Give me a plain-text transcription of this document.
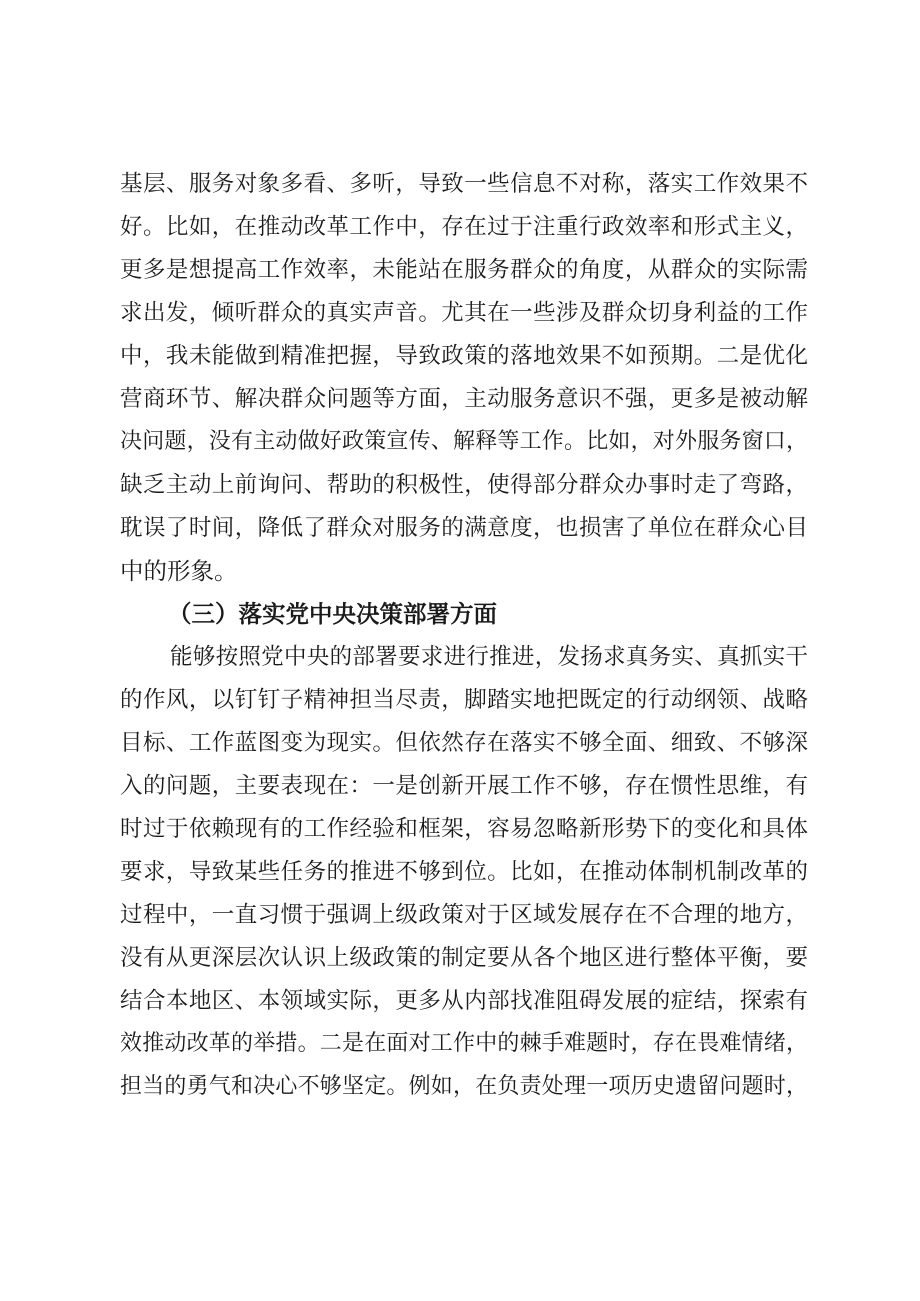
基层、服务对象多看、多听，导致一些信息不对称，落实工作效果不
好。比如，在推动改革工作中，存在过于注重行政效率和形式主义，
更多是想提高工作效率，未能站在服务群众的角度，从群众的实际需
求出发，倾听群众的真实声音。尤其在一些涉及群众切身利益的工作
中，我未能做到精准把握，导致政策的落地效果不如预期。二是优化
营商环节、解决群众问题等方面，主动服务意识不强，更多是被动解
决问题，没有主动做好政策宣传、解释等工作。比如，对外服务窗口，
缺乏主动上前询问、帮助的积极性，使得部分群众办事时走了弯路，
耽误了时间，降低了群众对服务的满意度，也损害了单位在群众心目
中的形象。
（三）落实党中央决策部署方面
能够按照党中央的部署要求进行推进，发扬求真务实、真抓实干
的作风，以钉钉子精神担当尽责，脚踏实地把既定的行动纲领、战略
目标、工作蓝图变为现实。但依然存在落实不够全面、细致、不够深
入的问题，主要表现在：一是创新开展工作不够，存在惯性思维，有
时过于依赖现有的工作经验和框架，容易忽略新形势下的变化和具体
要求，导致某些任务的推进不够到位。比如，在推动体制机制改革的
过程中，一直习惯于强调上级政策对于区域发展存在不合理的地方，
没有从更深层次认识上级政策的制定要从各个地区进行整体平衡，要
结合本地区、本领域实际，更多从内部找准阻碍发展的症结，探索有
效推动改革的举措。二是在面对工作中的棘手难题时，存在畏难情绪，
担当的勇气和决心不够坚定。例如，在负责处理一项历史遗留问题时，
